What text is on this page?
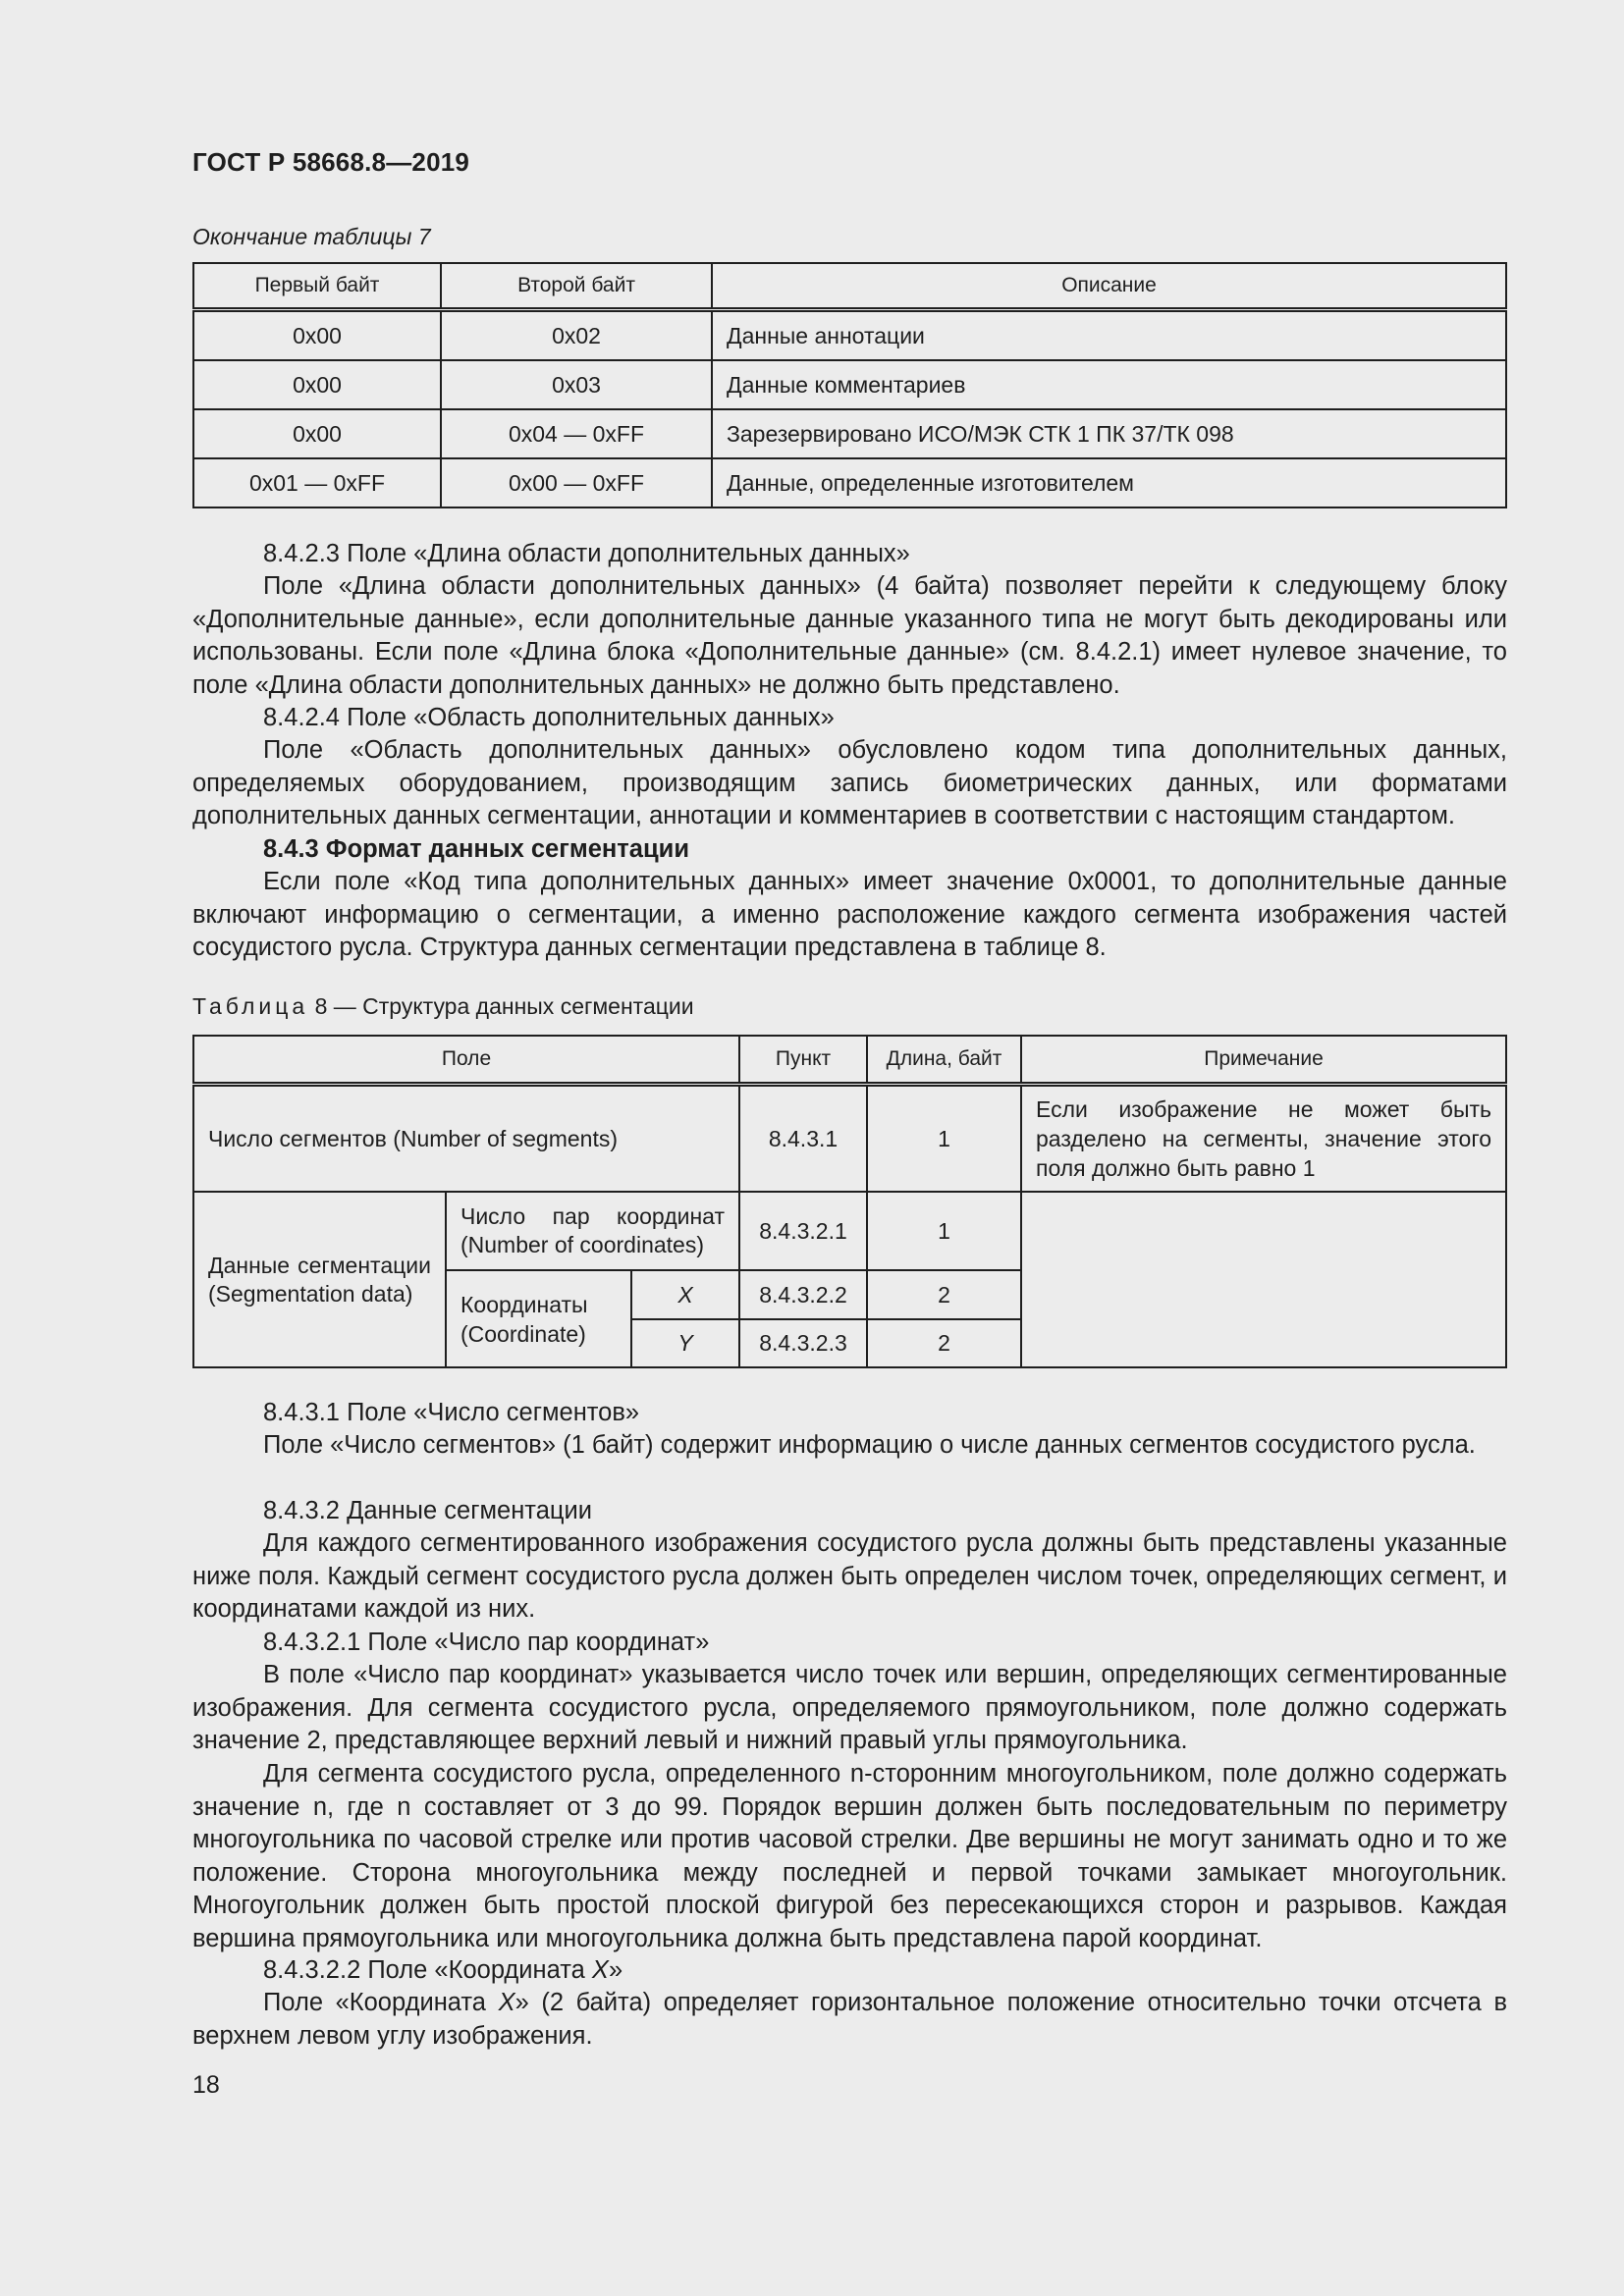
ГОСТ Р 58668.8—2019
Окончание таблицы 7
Первый байт	Второй байт	Описание
0x00	0x02	Данные аннотации
0x00	0x03	Данные комментариев
0x00	0x04 — 0xFF	Зарезервировано ИСО/МЭК СТК 1 ПК 37/ТК 098
0x01 — 0xFF	0x00 — 0xFF	Данные, определенные изготовителем

8.4.2.3 Поле «Длина области дополнительных данных»

Поле «Длина области дополнительных данных» (4 байта) позволяет перейти к следующему блоку «Дополнительные данные», если дополнительные данные указанного типа не могут быть декодированы или использованы. Если поле «Длина блока «Дополнительные данные» (см. 8.4.2.1) имеет нулевое значение, то поле «Длина области дополнительных данных» не должно быть представлено.

8.4.2.4 Поле «Область дополнительных данных»

Поле «Область дополнительных данных» обусловлено кодом типа дополнительных данных, определяемых оборудованием, производящим запись биометрических данных, или форматами дополнительных данных сегментации, аннотации и комментариев в соответствии с настоящим стандартом.

8.4.3 Формат данных сегментации

Если поле «Код типа дополнительных данных» имеет значение 0x0001, то дополнительные данные включают информацию о сегментации, а именно расположение каждого сегмента изображения частей сосудистого русла. Структура данных сегментации представлена в таблице 8.

Таблица 8 — Структура данных сегментации
Поле			Пункт	Длина, байт	Примечание
Число сегментов (Number of segments)			8.4.3.1	1	Если изображение не может быть разделено на сегменты, значение этого поля должно быть равно 1
Данные сегментации (Segmentation data)	Число пар координат (Number of coordinates)		8.4.3.2.1	1	
	Координаты (Coordinate)	X	8.4.3.2.2	2	
		Y	8.4.3.2.3	2	

8.4.3.1 Поле «Число сегментов»

Поле «Число сегментов» (1 байт) содержит информацию о числе данных сегментов сосудистого русла.

8.4.3.2 Данные сегментации

Для каждого сегментированного изображения сосудистого русла должны быть представлены указанные ниже поля. Каждый сегмент сосудистого русла должен быть определен числом точек, определяющих сегмент, и координатами каждой из них.

8.4.3.2.1 Поле «Число пар координат»

В поле «Число пар координат» указывается число точек или вершин, определяющих сегментированные изображения. Для сегмента сосудистого русла, определяемого прямоугольником, поле должно содержать значение 2, представляющее верхний левый и нижний правый углы прямоугольника.

Для сегмента сосудистого русла, определенного n-сторонним многоугольником, поле должно содержать значение n, где n составляет от 3 до 99. Порядок вершин должен быть последовательным по периметру многоугольника по часовой стрелке или против часовой стрелки. Две вершины не могут занимать одно и то же положение. Сторона многоугольника между последней и первой точками замыкает многоугольник. Многоугольник должен быть простой плоской фигурой без пересекающихся сторон и разрывов. Каждая вершина прямоугольника или многоугольника должна быть представлена парой координат.

8.4.3.2.2 Поле «Координата X»

Поле «Координата X» (2 байта) определяет горизонтальное положение относительно точки отсчета в верхнем левом углу изображения.

18
